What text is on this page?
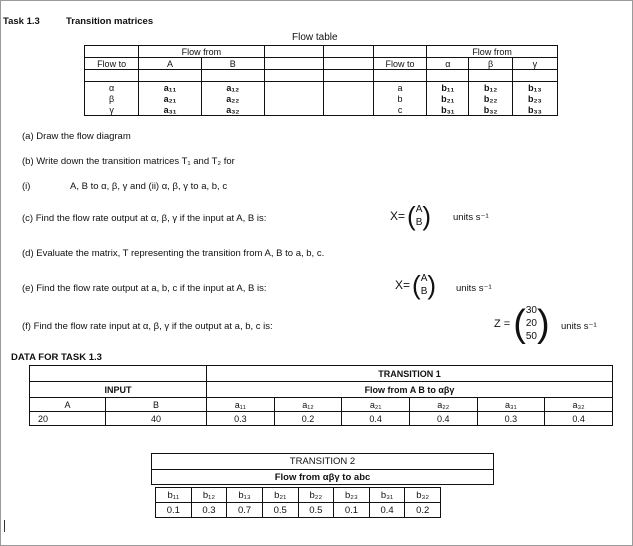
Task 1.3	Transition matrices
Flow table
	Flow from					Flow from		
Flow to	A	B			Flow to	α	β	γ

α	a₁₁	a₁₂			a	b₁₁	b₁₂	b₁₃
β	a₂₁	a₂₂			b	b₂₁	b₂₂	b₂₃
γ	a₃₁	a₃₂			c	b₃₁	b₃₂	b₃₃
(a) Draw the flow diagram
(b) Write down the transition matrices T₁ and T₂ for
(i)	A, B to α, β, γ and (ii) α, β, γ to a, b, c
(c) Find the flow rate output at α, β, γ if the input at A, B is:	X= ( A
B ) units s⁻¹
(d) Evaluate the matrix, T representing the transition from A, B to a, b, c.
(e) Find the flow rate output at a, b, c if the input at A, B is:	X= ( A
B ) units s⁻¹
(f) Find the flow rate input at α, β, γ if the output at a, b, c is:	Z = ( 30
20
50 ) units s⁻¹
DATA FOR TASK 1.3
		TRANSITION 1					
INPUT		Flow from A B to αβγ					
A	B	a₁₁	a₁₂	a₂₁	a₂₂	a₃₁	a₃₂
20	40	0.3	0.2	0.4	0.4	0.3	0.4
TRANSITION 2
Flow from αβγ to abc
b₁₁	b₁₂	b₁₃	b₂₁	b₂₂	b₂₃	b₃₁	b₃₂
0.1	0.3	0.7	0.5	0.5	0.1	0.4	0.2
